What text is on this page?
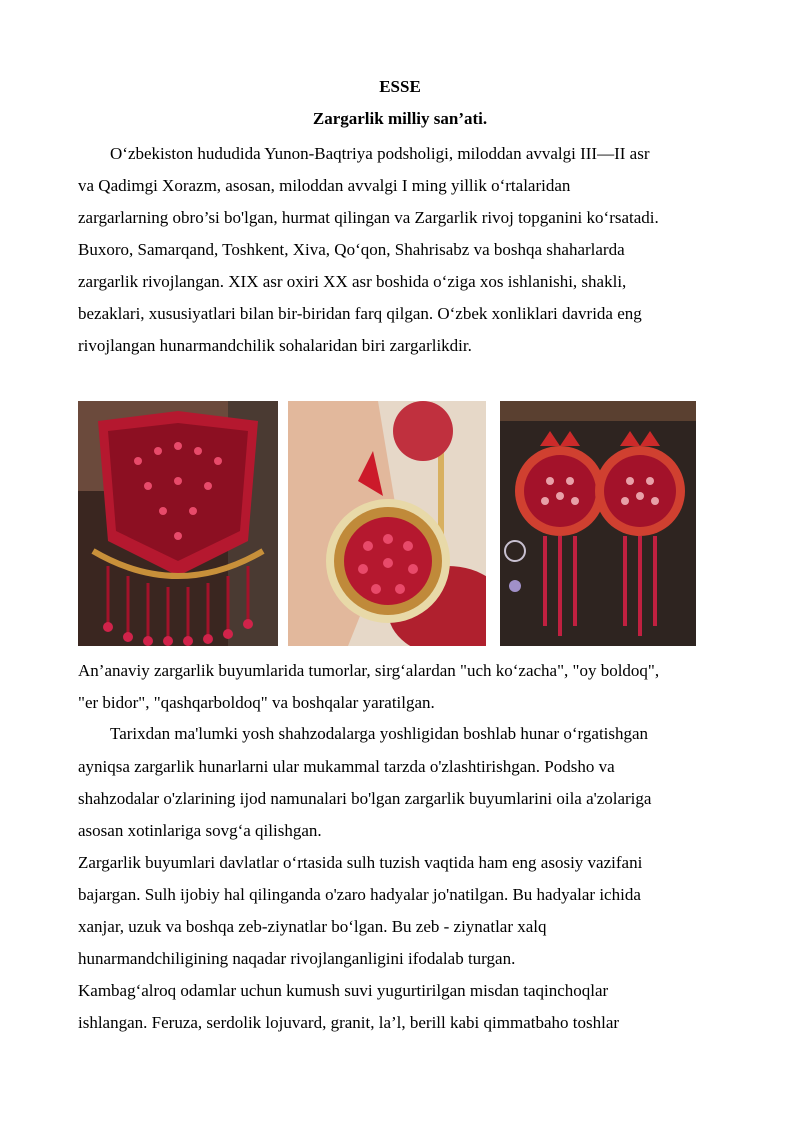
ESSE

Zargarlik milliy san’ati.

O‘zbekiston hududida Yunon-Baqtriya podsholigi, miloddan avvalgi III—II asr

va Qadimgi Xorazm, asosan, miloddan avvalgi I ming yillik o‘rtalaridan

zargarlarning obro’si bo'lgan, hurmat qilingan va Zargarlik rivoj topganini ko‘rsatadi.

Buxoro, Samarqand, Toshkent, Xiva, Qo‘qon, Shahrisabz va boshqa shaharlarda

zargarlik rivojlangan. XIX asr oxiri XX asr boshida o‘ziga xos ishlanishi, shakli,

bezaklari, xususiyatlari bilan bir-biridan farq qilgan. O‘zbek xonliklari davrida eng

rivojlangan hunarmandchilik sohalaridan biri zargarlikdir.

An’anaviy zargarlik buyumlarida tumorlar, sirg‘alardan "uch ko‘zacha", "oy boldoq",

"er bidor", "qashqarboldoq" va boshqalar yaratilgan.

Tarixdan ma'lumki yosh shahzodalarga yoshligidan boshlab hunar o‘rgatishgan

ayniqsa zargarlik hunarlarni ular mukammal tarzda o'zlashtirishgan. Podsho va

shahzodalar o'zlarining ijod namunalari bo'lgan zargarlik buyumlarini oila a'zolariga

asosan xotinlariga sovg‘a qilishgan.

Zargarlik buyumlari davlatlar o‘rtasida sulh tuzish vaqtida ham eng asosiy vazifani

bajargan. Sulh ijobiy hal qilinganda o'zaro hadyalar jo'natilgan. Bu hadyalar ichida

xanjar, uzuk va boshqa zeb-ziynatlar bo‘lgan. Bu zeb - ziynatlar xalq

hunarmandchiligining naqadar rivojlanganligini ifodalab turgan.

Kambag‘alroq odamlar uchun kumush suvi yugurtirilgan misdan taqinchoqlar

ishlangan. Feruza, serdolik lojuvard, granit, la’l, berill kabi qimmatbaho toshlar
